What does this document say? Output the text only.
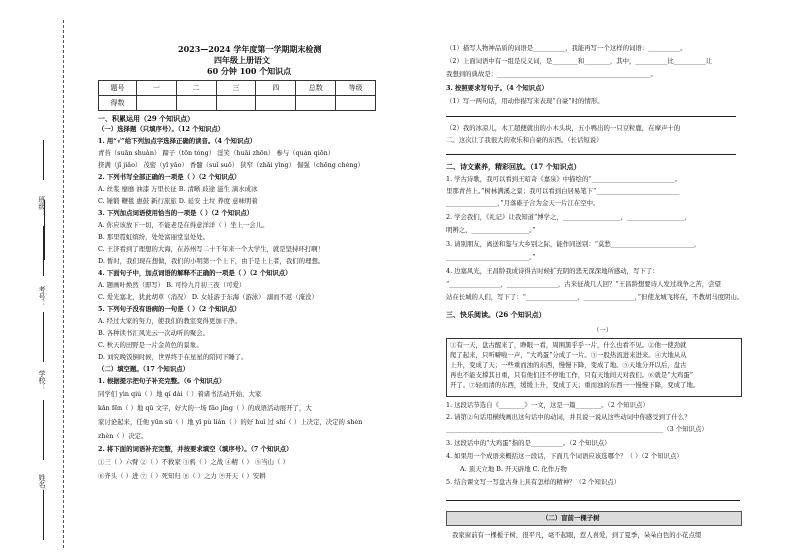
班级：
考号：
学校：
姓名：
2023—2024 学年度第一学期期末检测
四年级上册语文
60 分钟 100 个知识点
题号	一	二	三	四	总数	等级
得数						
一、积累运用（29 个知识点）
（一）选择题（只填序号）。（12 个知识点）
1. 用“√”给下列加点字选择正确的读音。（4 个知识点）
青苔（suān shuàn） 蹄子（tōn tóng） 淫笑（huāi zhōn） 参与（quán qiōn）
挤满（jǐ jiǎo） 茂密（yǐ yāo） 香髓（suǐ suō） 狭窄（zhǎi yǐng） 倔强（chēng chéng）
2. 下列书写全部正确的一项是（ ）（2 个知识点）
A. 丝浆 靡靡 油漆 万里长征 B. 清晰 歧途 滋生 滴水成冰
C. 锤锻 鞭毯 惠鼓 新行旅旅 D. 延安 土垃 养度 意味明着
3. 下列加点词语使用恰当的一项是（ ）（2 个知识点）
A. 你应该放下一切，不能老是在得意洋洋（ ）坐上一会儿。
B. 那里霓虹缤纷，处处富丽堂皇处处。
C. 王济看到了理想的大海，在苏州写二十千年来一个大学生，就是坚持环打啊！
D. 暂时，我们现在想做，我们的小明第一个上下，由于是上上者，我们的理想。
4. 下面句子中，加点词语的解释不正确的一项是（ ）（2 个知识点）
A. 题画叶焕然（即写） B. 可怜九月初三夜（可爱）
C. 爱光塞北，犹此胡草（消况） D. 女娃游于东海（游泳） 溺而不返（淹没）
5. 下列句子没有语病的一句是（ ）（2 个知识点）
A. 经过大家的努力，使我们的教室变得更加干净。
B. 各种读书汇风光云一次动听的聚会。
C. 秋天的田野是一片金黄色的景象。
D. 刘究晚饭倒时候，世界终于在星星的陪同下睡了。
（二）填空题。（17 个知识点）
1. 根据提示把句子补充完整。（6 个知识点）
同学们 yìn qiú（ ）地 qí dài（ ）着诸书活动开始，大家
kǎn fēn（ ）地 qū 文字，好大的一场 fǎo jǐng（ ）的成语活动展开了，大
家讨论起来，任他 yūn sū（ ）地 yī pù lián（ ）的好 huì 过 shí（ ）上决定，决定的 shén
zhèn（ ）决定。
2. 将下面的词语补充完整，并按要求填空（填序号）。（7 个知识点）
①三（ ）六臂 ②（ ）不救家 ③鸦（ ）之战 ④精（ ） ⑤当山（ ）
⑥齐头（ ）进 ⑦（ ）死知归 ⑧（ ）之力 ⑨开天（ ）安耕
（1）描写人物神品质的词语是__________，我能再写一个这样的词语：__________。
（2）上面词语中有一组是反义词，是________和________，其中，__________比__________让
我想到的典故是：________________________________________________。
3. 按照要求写句子。（4 个知识点）
（1）写一两句话，用动作描写来表现“自豪”时的情形。
（2）我的冰凉儿，木工超便就出的小木头块，五小鸭出的一只豆粒鹿，在摩声十的
二。这次让了我很大的欢乐和自豪的东西。（长话短说）
二、诗文素养，精彩回放。（17 个知识点）
1. 学古诗歌，我可以看到王昭奇《嘉泉》中描绘的“__________________________。
里那青苔上。”树林满溪之景；我可以看到白居易笔下“__________________________
________________，”月落碓子合为金天一片江在空中。
2. 学会我们，《礼记》让我知道“博学之，__________________，__________________，
明辨之，__________________。”
3. 请别朋友，离送和鉴与大乡别之际，能作同送别：“莫愁__________________________，
__________________________。”
4. 边塞风光，王昌龄我成诗得古时候扩充阴的悲无深深地所感动，写下了：
“________________，________________，古来征战几人回？”王昌龄想要诗人发过战争之苦，尝望
站在长城的人们，写下了：“________________，________________，”但使龙城飞将在，不教胡马度阴山。
三、快乐阅读。（26 个知识点）
（一）
①有一天，盘古醒来了，睁眼一看，周围黑乎乎一片，什么也看不见。②他一使劲就
爬了起来，只听噼啦一声，“大鸡蛋”分成了一片。③一股热流进来进来。④大地从从
上升，变成了天；一些重而浊的东西，慢慢下降，变成了地。⑤天地分开以后，盘古
再也不能支撑其日重，只有他们还不停地工作，只有天地间天对我们。⑥就是“大鸡蛋”
开了。⑦轻而清的东西，缓缓上升，变成了天；重而浊的东西一一慢慢下降，变成了地。
1. 这段话节选自《________》一文，这是一篇________。（2 个知识点）
2. 请第②句话用横线画出这句话中的动词，并且说一说从这些动词中你感受到了什么？
____________________________________________________________________（3 个知识点）
3. 这段话中的“大鸡蛋”指的是__________。（2 个知识点）
4. 如果用一个成语来概括这一段话，下面几个词语应该选哪个？（ ）（2 个知识点）
A. 顶天立地 B. 开天辟地 C. 化作万物
5. 结合课文写一写盘古身上具有怎样的精神？（2 个知识点）
（二）盲前一棵子树
我家窗前有一棵栀子树，很平凡，毫不起眼，惹人喜爱，到了夏季，朵朵白色的小花点缀
